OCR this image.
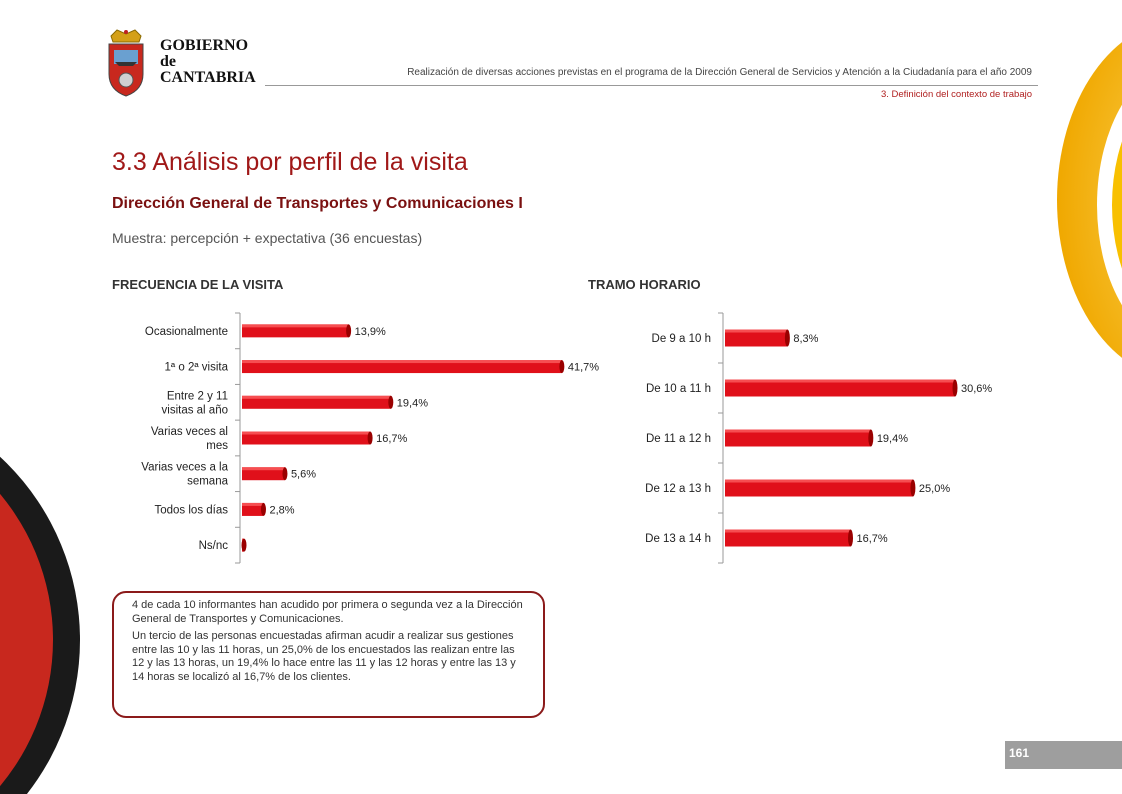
GOBIERNO
de
CANTABRIA	Realización de diversas acciones previstas en el programa de la Dirección General de Servicios y Atención a la Ciudadanía para el año 2009
3. Definición del contexto de trabajo
3.3 Análisis por perfil de la visita
Dirección General de Transportes y Comunicaciones I
Muestra: percepción + expectativa (36 encuestas)
FRECUENCIA DE LA VISITA	TRAMO HORARIO
Ocasionalmente	13,9%
1ª o 2ª visita	41,7%
Entre 2 y 11 visitas al año
19,4%
Varias veces al mes
16,7%
Varias veces a la semana
5,6%
Todos los días	2,8%
Ns/nc
De 9 a 10 h	8,3%
De 10 a 11 h	30,6%
De 11 a 12 h	19,4%
De 12 a 13 h	25,0%
De 13 a 14 h	16,7%

4 de cada 10 informantes han acudido por primera o segunda vez a la Dirección General de Transportes y Comunicaciones.

Un tercio de las personas encuestadas afirman acudir a realizar sus gestiones entre las 10 y las 11 horas, un 25,0% de los encuestados las realizan entre las 12 y las 13 horas, un 19,4% lo hace entre las 11 y las 12 horas y entre las 13 y 14 horas se localizó al 16,7% de los clientes.

161
